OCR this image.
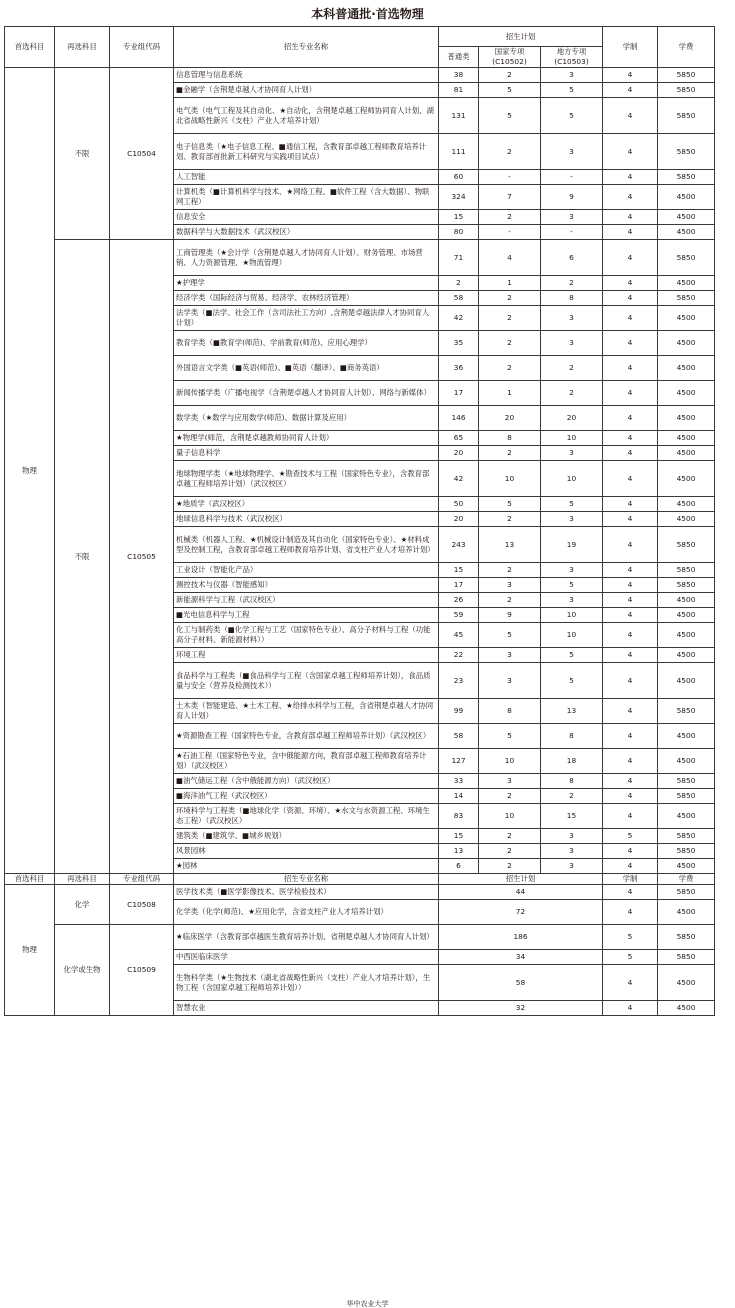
本科普通批·首选物理
首选科目	再选科目	专业组代码	招生专业名称	招生计划			学制	学费
				普通类	国家专项(C10502)	地方专项(C10503)		
物理	不限	C10504	信息管理与信息系统	38	2	3	4	5850
			■金融学（含荆楚卓越人才协同育人计划）	81	5	5	4	5850
			电气类（电气工程及其自动化、★自动化，含荆楚卓越工程师协同育人计划、湖北省战略性新兴（支柱）产业人才培养计划）	131	5	5	4	5850
			电子信息类（★电子信息工程、■通信工程，含教育部卓越工程师教育培养计划、教育部首批新工科研究与实践项目试点）	111	2	3	4	5850
			人工智能	60	-	-	4	5850
			计算机类（■计算机科学与技术、★网络工程、■软件工程（含大数据）、物联网工程）	324	7	9	4	4500
			信息安全	15	2	3	4	4500
			数据科学与大数据技术（武汉校区）	80	-	-	4	4500
	不限	C10505	工商管理类（★会计学（含荆楚卓越人才协同育人计划）、财务管理、市场营销、人力资源管理、★物流管理）	71	4	6	4	5850
			★护理学	2	1	2	4	4500
			经济学类（国际经济与贸易、经济学、农林经济管理）	58	2	8	4	5850
			法学类（■法学、社会工作（含司法社工方向）,含荆楚卓越法律人才协同育人计划）	42	2	3	4	4500
			教育学类（■教育学(师范)、学前教育(师范)、应用心理学）	35	2	3	4	4500
			外国语言文学类（■英语(师范)、■英语（翻译）、■商务英语）	36	2	2	4	4500
			新闻传播学类（广播电视学（含荆楚卓越人才协同育人计划）、网络与新媒体）	17	1	2	4	4500
			数学类（★数学与应用数学(师范)、数据计算及应用）	146	20	20	4	4500
			★物理学(师范，含荆楚卓越教师协同育人计划）	65	8	10	4	4500
			量子信息科学	20	2	3	4	4500
			地球物理学类（★地球物理学、★勘查技术与工程（国家特色专业），含教育部卓越工程师培养计划）（武汉校区）	42	10	10	4	4500
			★地质学（武汉校区）	50	5	5	4	4500
			地球信息科学与技术（武汉校区）	20	2	3	4	4500
			机械类（机器人工程、★机械设计制造及其自动化（国家特色专业）、★材料成型及控制工程，含教育部卓越工程师教育培养计划、省支柱产业人才培养计划）	243	13	19	4	5850
			工业设计（智能化产品）	15	2	3	4	5850
			测控技术与仪器（智能感知）	17	3	5	4	5850
			新能源科学与工程（武汉校区）	26	2	3	4	4500
			■光电信息科学与工程	59	9	10	4	4500
			化工与制药类（■化学工程与工艺（国家特色专业）、高分子材料与工程（功能高分子材料、新能源材料））	45	5	10	4	4500
			环境工程	22	3	5	4	4500
			食品科学与工程类（■食品科学与工程（含国家卓越工程师培养计划），食品质量与安全（营养及检测技术））	23	3	5	4	4500
			土木类（智能建造、★土木工程、★给排水科学与工程，含省荆楚卓越人才协同育人计划）	99	8	13	4	5850
			★资源勘查工程（国家特色专业，含教育部卓越工程师培养计划）（武汉校区）	58	5	8	4	4500
			★石油工程（国家特色专业，含中俄能源方向，教育部卓越工程师教育培养计划）（武汉校区）	127	10	18	4	4500
			■油气储运工程（含中俄能源方向）（武汉校区）	33	3	8	4	5850
			■海洋油气工程（武汉校区）	14	2	2	4	5850
			环境科学与工程类（■地球化学（资源、环境）、★水文与水资源工程、环境生态工程）（武汉校区）	83	10	15	4	4500
			建筑类（■建筑学、■城乡规划）	15	2	3	5	5850
			风景园林	13	2	3	4	5850
			★园林	6	2	3	4	4500
首选科目	再选科目	专业组代码	招生专业名称	招生计划			学制	学费
物理	化学	C10508	医学技术类（■医学影像技术、医学检验技术）	44			4	5850
			化学类（化学(师范)、★应用化学，含省支柱产业人才培养计划）	72			4	4500
	化学或生物	C10509	★临床医学（含教育部卓越医生教育培养计划、省荆楚卓越人才协同育人计划）	186			5	5850
			中西医临床医学	34			5	5850
			生物科学类（★生物技术（湖北省战略性新兴（支柱）产业人才培养计划），生物工程（含国家卓越工程师培养计划））	58			4	4500
			智慧农业	32			4	4500
华中农业大学
